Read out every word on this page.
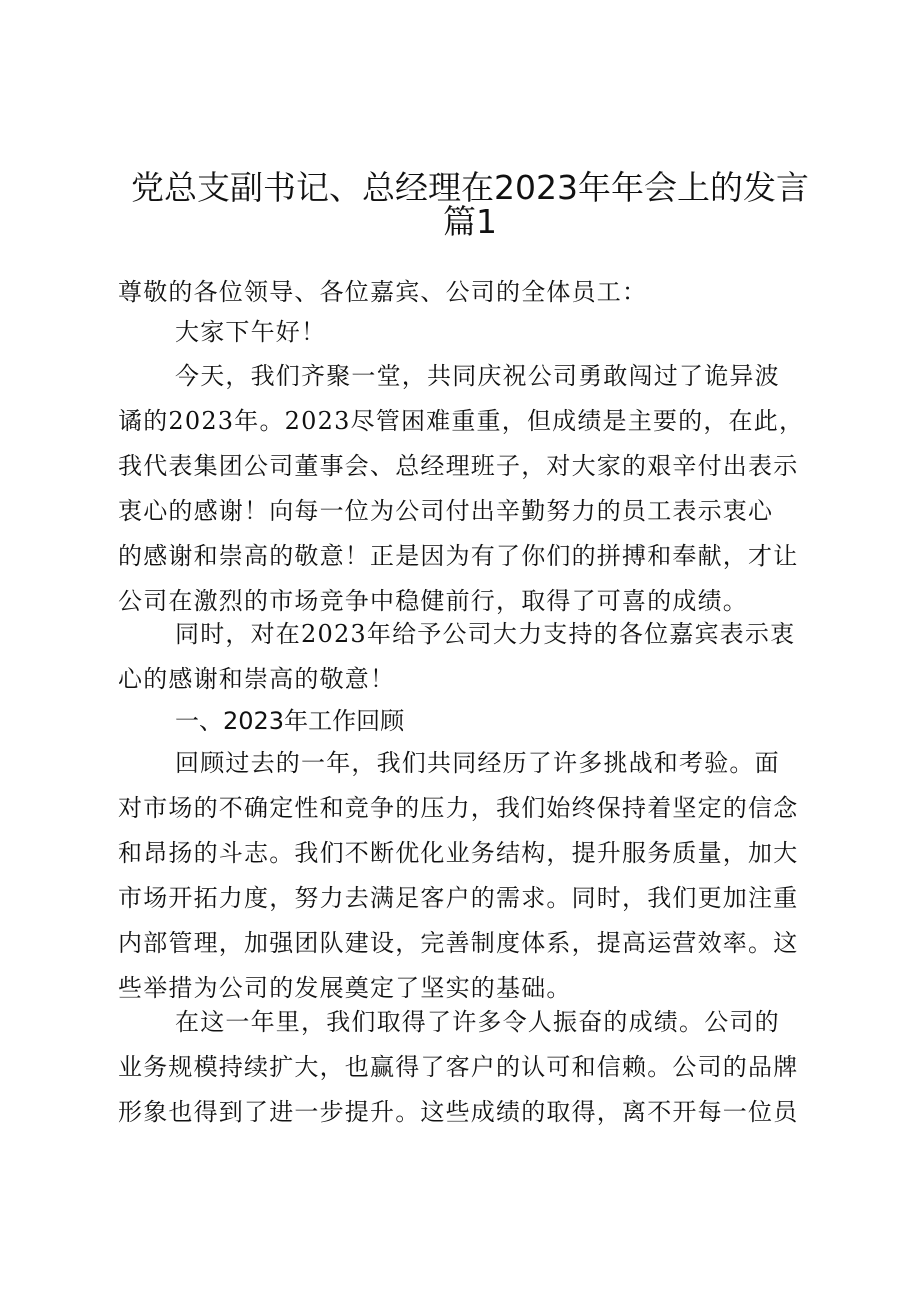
党总支副书记、总经理在2023年年会上的发言
篇1
尊敬的各位领导、各位嘉宾、公司的全体员工：
大家下午好！
今天，我们齐聚一堂，共同庆祝公司勇敢闯过了诡异波
谲的2023年。2023尽管困难重重，但成绩是主要的，在此，
我代表集团公司董事会、总经理班子，对大家的艰辛付出表示
衷心的感谢！向每一位为公司付出辛勤努力的员工表示衷心
的感谢和崇高的敬意！正是因为有了你们的拼搏和奉献，才让
公司在激烈的市场竞争中稳健前行，取得了可喜的成绩。
同时，对在2023年给予公司大力支持的各位嘉宾表示衷
心的感谢和崇高的敬意！
一、2023年工作回顾
回顾过去的一年，我们共同经历了许多挑战和考验。面
对市场的不确定性和竞争的压力，我们始终保持着坚定的信念
和昂扬的斗志。我们不断优化业务结构，提升服务质量，加大
市场开拓力度，努力去满足客户的需求。同时，我们更加注重
内部管理，加强团队建设，完善制度体系，提高运营效率。这
些举措为公司的发展奠定了坚实的基础。
在这一年里，我们取得了许多令人振奋的成绩。公司的
业务规模持续扩大，也赢得了客户的认可和信赖。公司的品牌
形象也得到了进一步提升。这些成绩的取得，离不开每一位员
